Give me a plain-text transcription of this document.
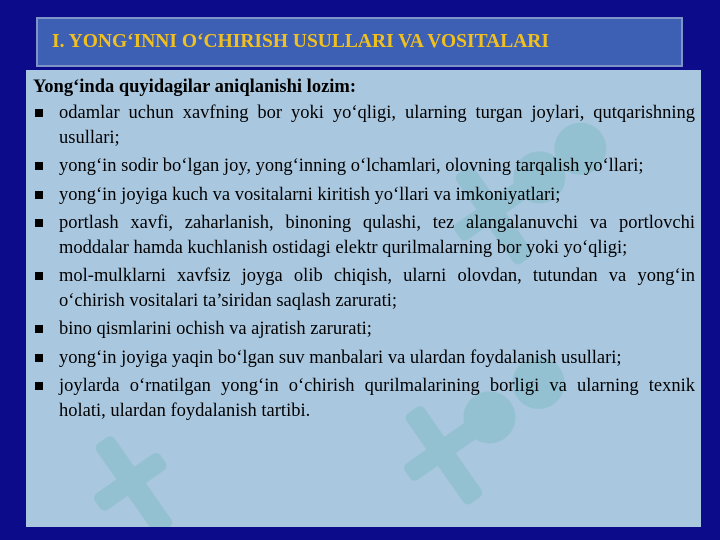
I. YONG‘INNI O‘CHIRISH USULLARI VA VOSITALARI
Yong‘inda quyidagilar aniqlanishi lozim:
odamlar uchun xavfning bor yoki yo‘qligi, ularning turgan joylari, qutqarishning usullari;
yong‘in sodir bo‘lgan joy, yong‘inning o‘lchamlari, olovning tarqalish yo‘llari;
yong‘in joyiga kuch va vositalarni kiritish yo‘llari va imkoniyatlari;
portlash xavfi, zaharlanish, binoning qulashi, tez alangalanuvchi va portlovchi moddalar hamda kuchlanish ostidagi elektr qurilmalarning bor yoki yo‘qligi;
mol-mulklarni xavfsiz joyga olib chiqish, ularni olovdan, tutundan va yong‘in o‘chirish vositalari ta’siridan saqlash zarurati;
bino qismlarini ochish va ajratish zarurati;
yong‘in joyiga yaqin bo‘lgan suv manbalari va ulardan foydalanish usullari;
joylarda o‘rnatilgan yong‘in o‘chirish qurilmalarining borligi va ularning texnik holati, ulardan foydalanish tartibi.
